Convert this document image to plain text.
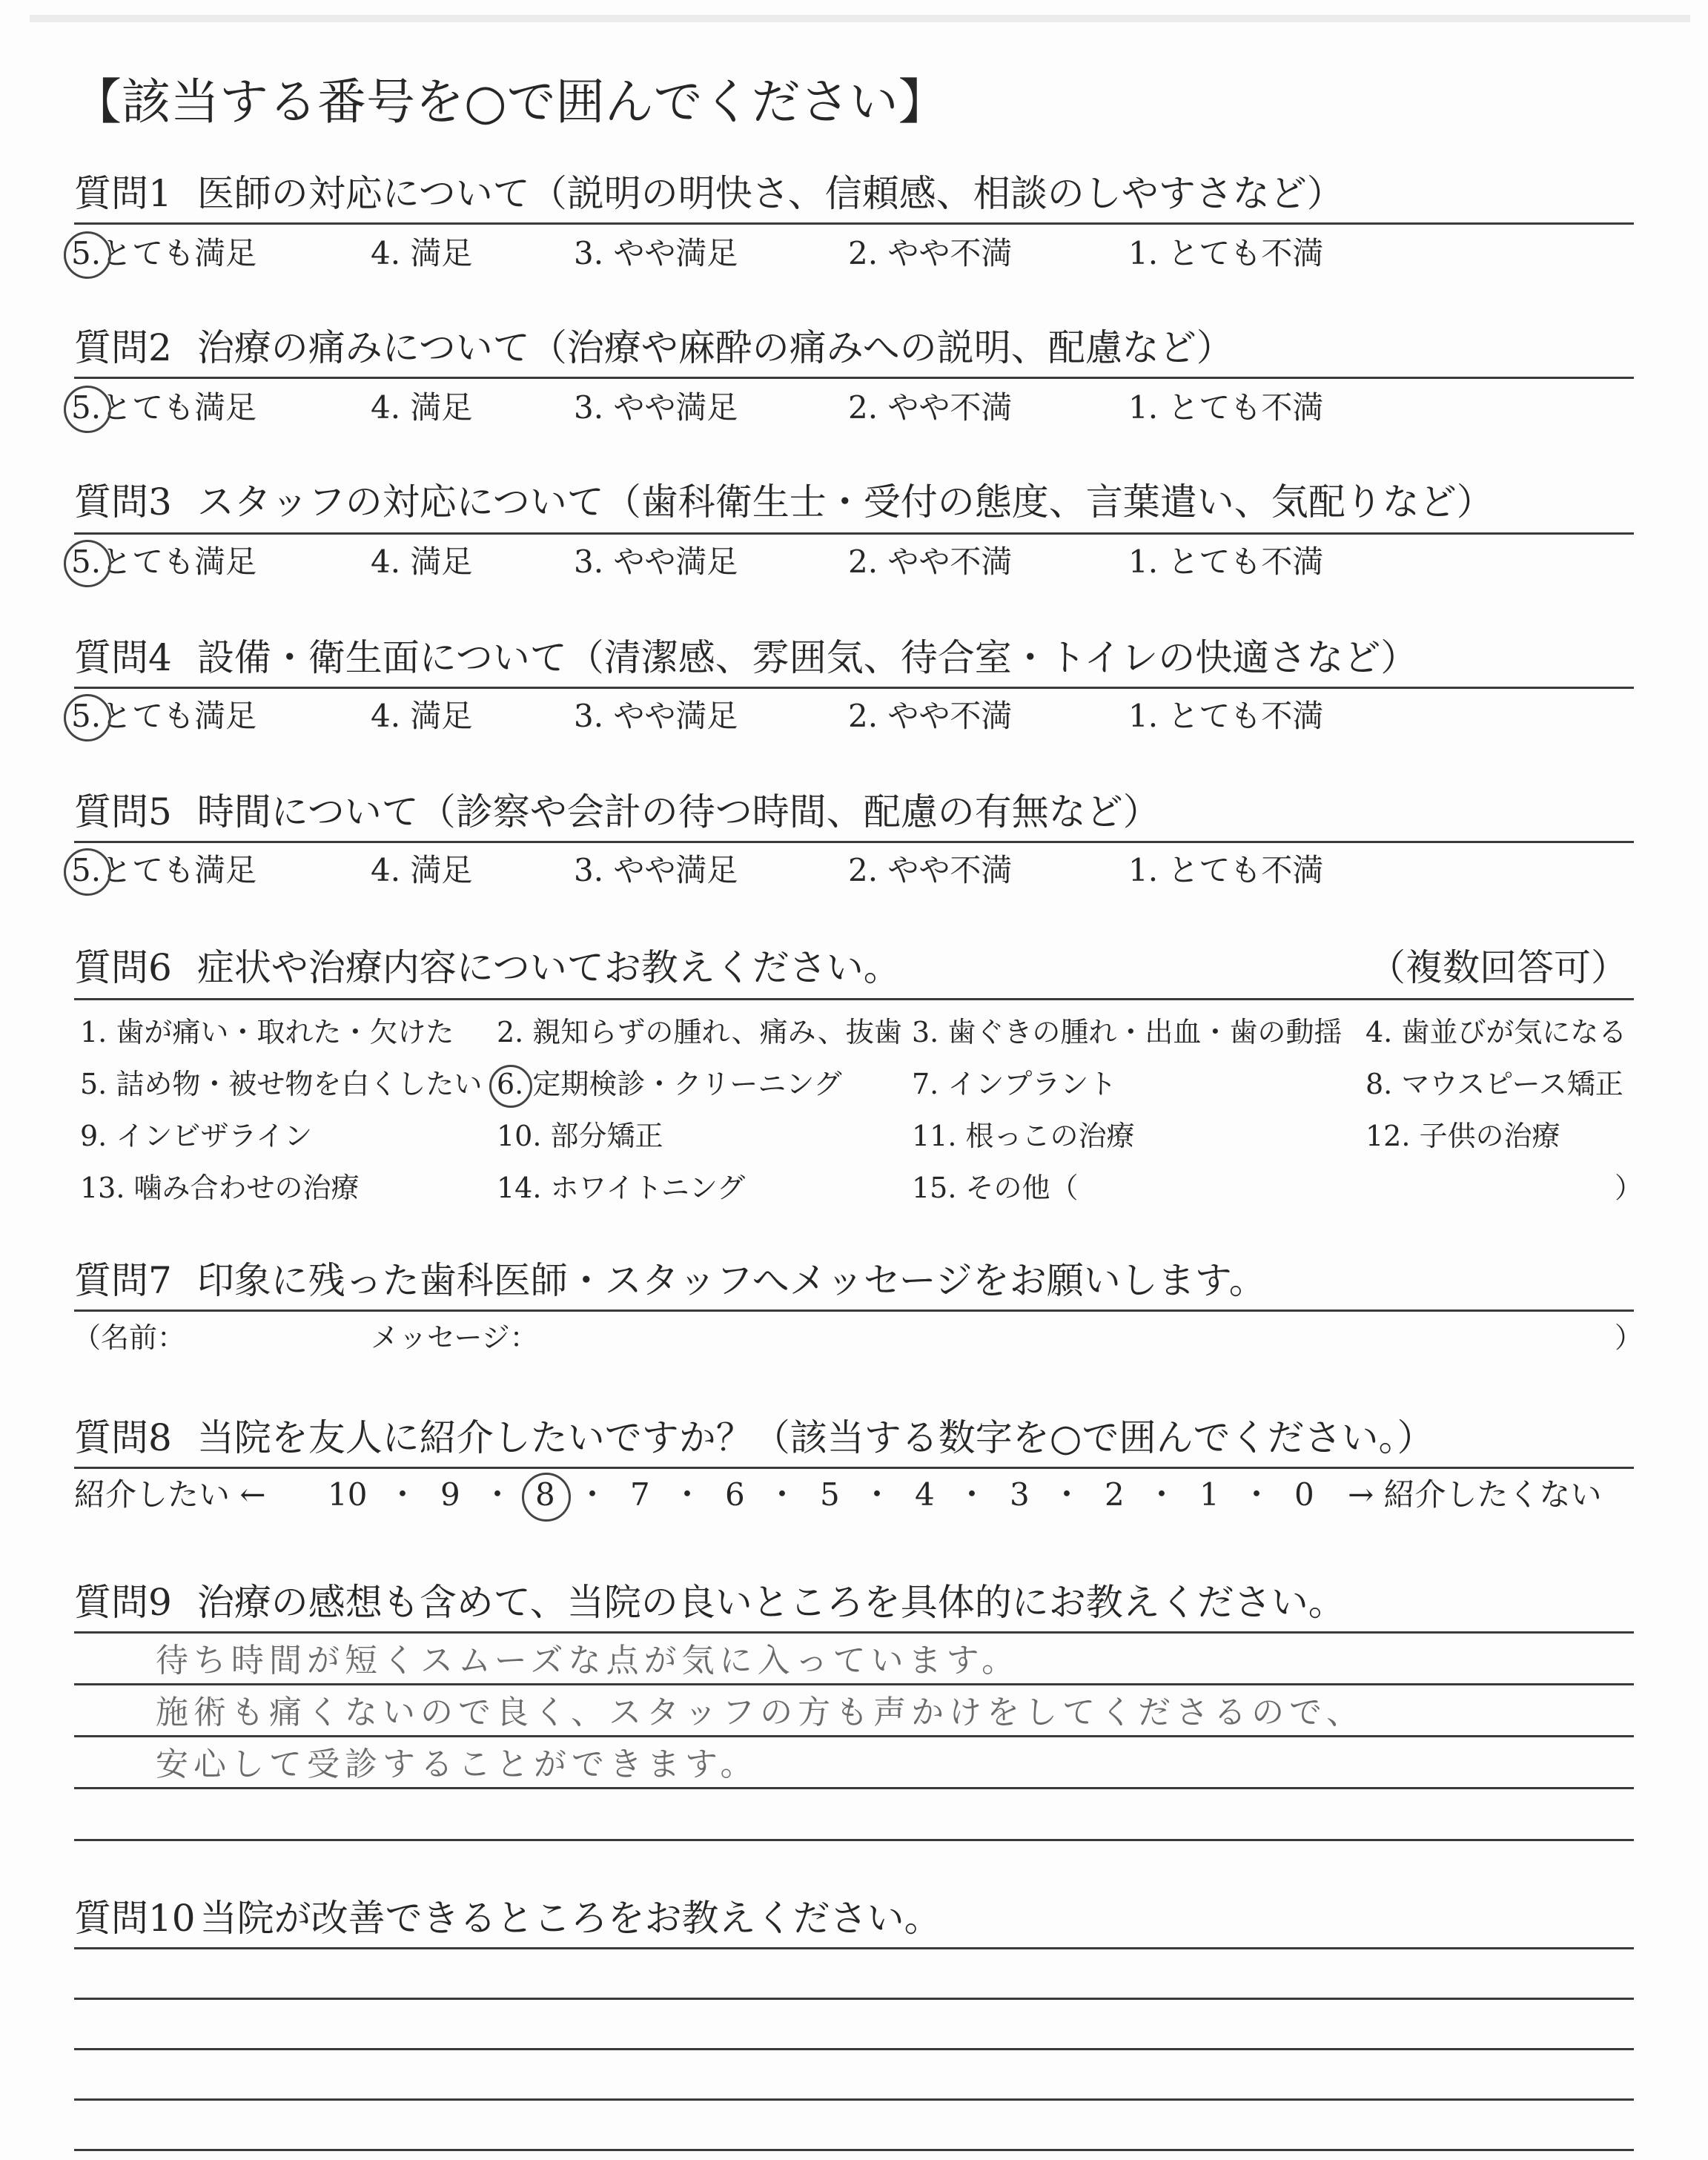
【該当する番号を○で囲んでください】
質問1 医師の対応について（説明の明快さ、信頼感、相談のしやすさなど）
5.とても満足	4. 満足	3. やや満足	2. やや不満	1. とても不満
質問2 治療の痛みについて（治療や麻酔の痛みへの説明、配慮など）
5.とても満足	4. 満足	3. やや満足	2. やや不満	1. とても不満
質問3 スタッフの対応について（歯科衛生士・受付の態度、言葉遣い、気配りなど）
5.とても満足	4. 満足	3. やや満足	2. やや不満	1. とても不満
質問4 設備・衛生面について（清潔感、雰囲気、待合室・トイレの快適さなど）
5.とても満足	4. 満足	3. やや満足	2. やや不満	1. とても不満
質問5 時間について（診察や会計の待つ時間、配慮の有無など）
5.とても満足	4. 満足	3. やや満足	2. やや不満	1. とても不満
質問6 症状や治療内容についてお教えください。	（複数回答可）
1. 歯が痛い・取れた・欠けた 2. 親知らずの腫れ、痛み、抜歯 3. 歯ぐきの腫れ・出血・歯の動揺 4. 歯並びが気になる
5. 詰め物・被せ物を白くしたい 6. 定期検診・クリーニング 7. インプラント	8. マウスピース矯正
9. インビザライン	10. 部分矯正	11. 根っこの治療	12. 子供の治療
13. 噛み合わせの治療	14. ホワイトニング	15. その他（	）
質問7 印象に残った歯科医師・スタッフへメッセージをお願いします。
（名前：	メッセージ：	）
質問8 当院を友人に紹介したいですか？（該当する数字を○で囲んでください。）
紹介したい ← 10 ・ 9 ・ 8 ・ 7 ・ 6 ・ 5 ・ 4 ・ 3 ・ 2 ・ 1 ・ 0 → 紹介したくない
質問9 治療の感想も含めて、当院の良いところを具体的にお教えください。
待ち時間が短くスムーズな点が気に入っています。
施術も痛くないので良く、スタッフの方も声かけをしてくださるので、
安心して受診することができます。
質問10 当院が改善できるところをお教えください。
